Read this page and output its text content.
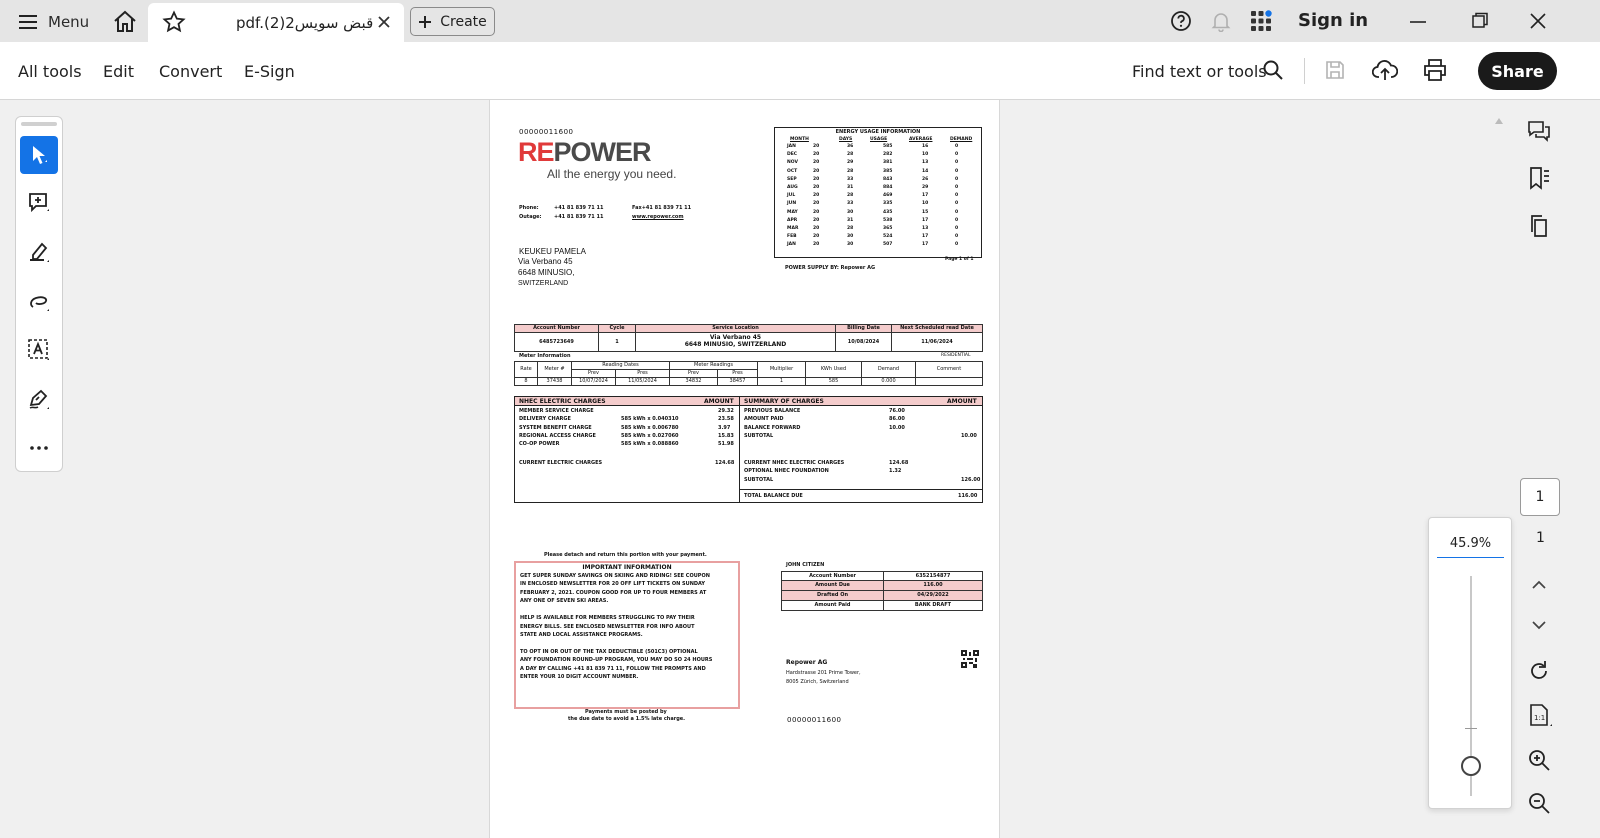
Menu	pdf.(2)قبض سويس2	Create	Sign in
All tools Edit Convert E-Sign	Find text or tools	Share
00000011600
REPOWER
All the energy you need.
Phone:	+41 81 839 71 11
Outage: +41 81 839 71 11
Fax+41 81 839 71 11
www.repower.com
KEUKEU PAMELA
Via Verbano 45
6648 MINUSIO,
SWITZERLAND
ENERGY USAGE INFORMATION
MONTH	DAYS	USAGE	AVERAGE	DEMAND
JAN	20	36	585	16	0
DEC	20	28	282	10	0
NOV	20	29	381	13	0
OCT	20	28	385	14	0
SEP	20	33	843	26	0
AUG	20	31	884	29	0
JUL	20	28	469	17	0
JUN	20	33	335	10	0
MAY	20	30	435	15	0
APR	20	31	538	17	0
MAR	20	28	365	13	0
FEB	20	30	524	17	0
JAN	20	30	507	17	0
Page 1 of 1
POWER SUPPLY BY: Repower AG
Account Number	Cycle	Service Location	Billing Date	Next Scheduled read Date
6485723649	1	Via Verbano 45
6648 MINUSIO, SWITZERLAND	10/08/2024	11/06/2024
Meter Information	RESIDENTIAL
Rate	Meter #	Reading Dates		Meter Readings		Multiplier	KWh Used	Demand	Comment
		Prev	Pres	Prev	Pres				
8	37438	10/07/2024	11/05/2024	34832	38457	1	585	0.000	
NHEC ELECTRIC CHARGES	AMOUNT SUMMARY OF CHARGES	AMOUNT
MEMBER SERVICE CHARGE	29.32
DELIVERY CHARGE	585 kWh x 0.040310	23.58
SYSTEM BENEFIT CHARGE	585 kWh x 0.006780	3.97
REGIONAL ACCESS CHARGE	585 kWh x 0.027060	15.83
CO-OP POWER	585 kWh x 0.088860	51.98
CURRENT ELECTRIC CHARGES	124.68
PREVIOUS BALANCE	76.00
AMOUNT PAID	86.00
BALANCE FORWARD	10.00
SUBTOTAL	10.00
CURRENT NHEC ELECTRIC CHARGES	124.68
OPTIONAL NHEC FOUNDATION	1.32
SUBTOTAL	126.00
TOTAL BALANCE DUE	116.00
Please detach and return this portion with your payment.
IMPORTANT INFORMATION
GET SUPER SUNDAY SAVINGS ON SKIING AND RIDING! SEE COUPON
IN ENCLOSED NEWSLETTER FOR 20 OFF LIFT TICKETS ON SUNDAY
FEBRUARY 2, 2021. COUPON GOOD FOR UP TO FOUR MEMBERS AT
ANY ONE OF SEVEN SKI AREAS.
HELP IS AVAILABLE FOR MEMBERS STRUGGLING TO PAY THEIR
ENERGY BILLS. SEE ENCLOSED NEWSLETTER FOR INFO ABOUT
STATE AND LOCAL ASSISTANCE PROGRAMS.
TO OPT IN OR OUT OF THE TAX DEDUCTIBLE (501C3) OPTIONAL
ANY FOUNDATION ROUND-UP PROGRAM, YOU MAY DO SO 24 HOURS
A DAY BY CALLING +41 81 839 71 11, FOLLOW THE PROMPTS AND
ENTER YOUR 10 DIGIT ACCOUNT NUMBER.
Payments must be posted by
the due date to avoid a 1.5% late charge.
JOHN CITIZEN
Account Number	6352154877
Amount Due	116.00
Drafted On	04/29/2022
Amount Paid	BANK DRAFT
Repower AG
Hardstrasse 201 Prime Tower,
8005 Zürich, Switzerland
00000011600
1
1
1:1
45.9%
